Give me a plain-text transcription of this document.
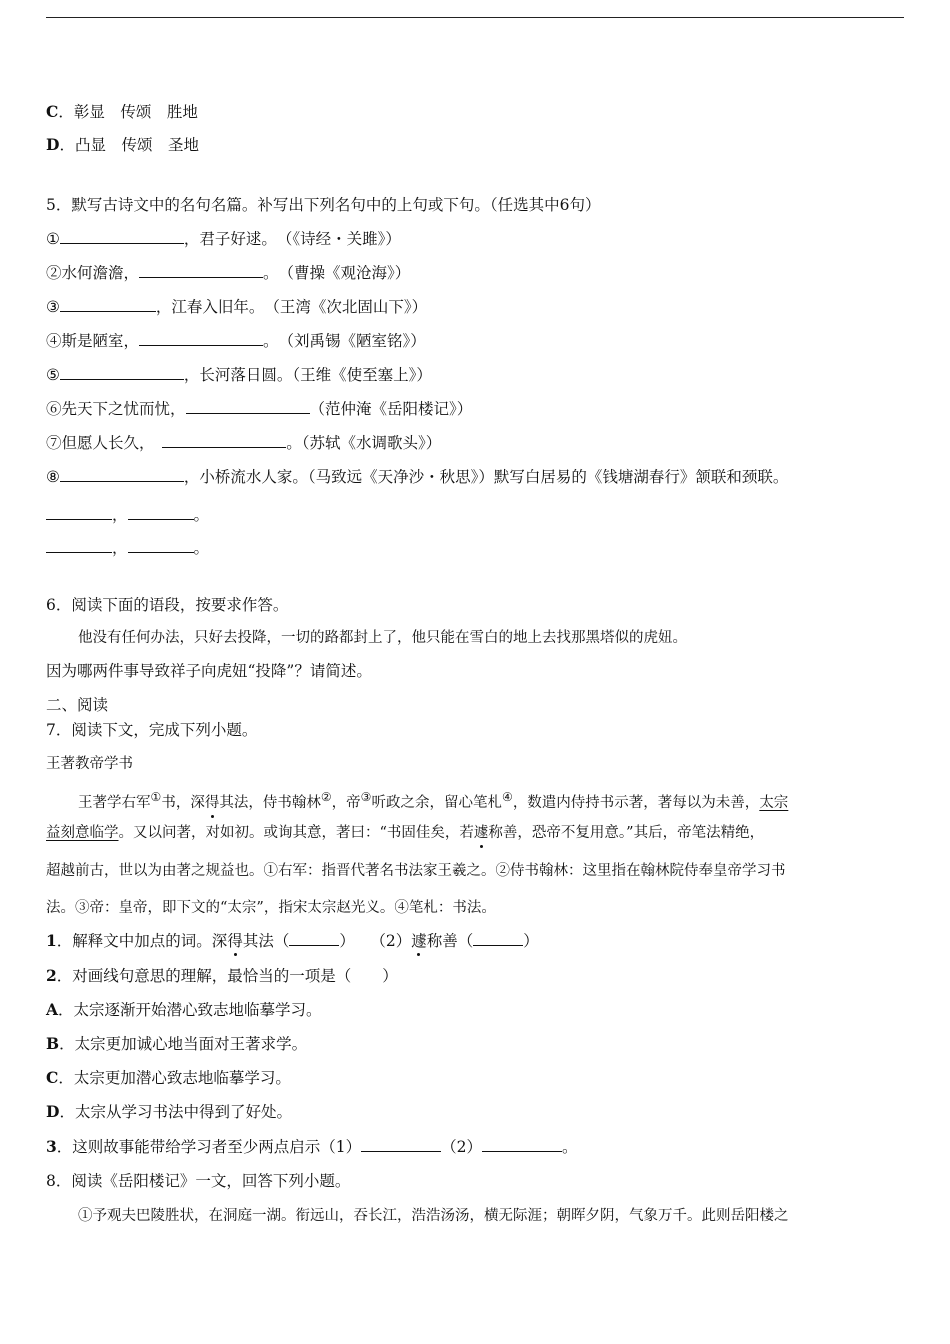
C．彰显　传颂　胜地
D．凸显　传颂　圣地
5．默写古诗文中的名句名篇。补写出下列名句中的上句或下句。（任选其中6句）
①	，君子好逑。　（《诗经・关雎》）
②水何澹澹，	。　（曹操《观沧海》）
③	，江春入旧年。　（王湾《次北固山下》）
④斯是陋室，	。　（刘禹锡《陋室铭》）
⑤	，长河落日圆。（王维《使至塞上》）
⑥先天下之忧而忧，	（范仲淹《岳阳楼记》）
⑦但愿人长久，　	。（苏轼《水调歌头》）
⑧	，小桥流水人家。（马致远《天净沙・秋思》）默写白居易的《钱塘湖春行》颔联和颈联。
，	。
，	。
6．阅读下面的语段，按要求作答。
他没有任何办法，只好去投降，一切的路都封上了，他只能在雪白的地上去找那黑塔似的虎妞。
因为哪两件事导致祥子向虎妞“投降”？请简述。
二、阅读
7．阅读下文，完成下列小题。
王著教帝学书
王著学右军①书，深得其法，侍书翰林②，帝③听政之余，留心笔札④，数遣内侍持书示著，著每以为未善，太宗
益刻意临学。又以问著，对如初。或询其意，著曰：“书固佳矣，若遽称善，恐帝不复用意。”其后，帝笔法精绝，
超越前古，世以为由著之规益也。①右军：指晋代著名书法家王羲之。②侍书翰林：这里指在翰林院侍奉皇帝学习书
法。③帝：皇帝，即下文的“太宗”，指宋太宗赵光义。④笔札：书法。
1．解释文中加点的词。深得其法（	）　　（2）遽称善（	）
2．对画线句意思的理解，最恰当的一项是（　　）
A．太宗逐渐开始潜心致志地临摹学习。
B．太宗更加诚心地当面对王著求学。
C．太宗更加潜心致志地临摹学习。
D．太宗从学习书法中得到了好处。
3．这则故事能带给学习者至少两点启示（1）	（2）	。
8．阅读《岳阳楼记》一文，回答下列小题。
①予观夫巴陵胜状，在洞庭一湖。衔远山，吞长江，浩浩汤汤，横无际涯；朝晖夕阴，气象万千。此则岳阳楼之
